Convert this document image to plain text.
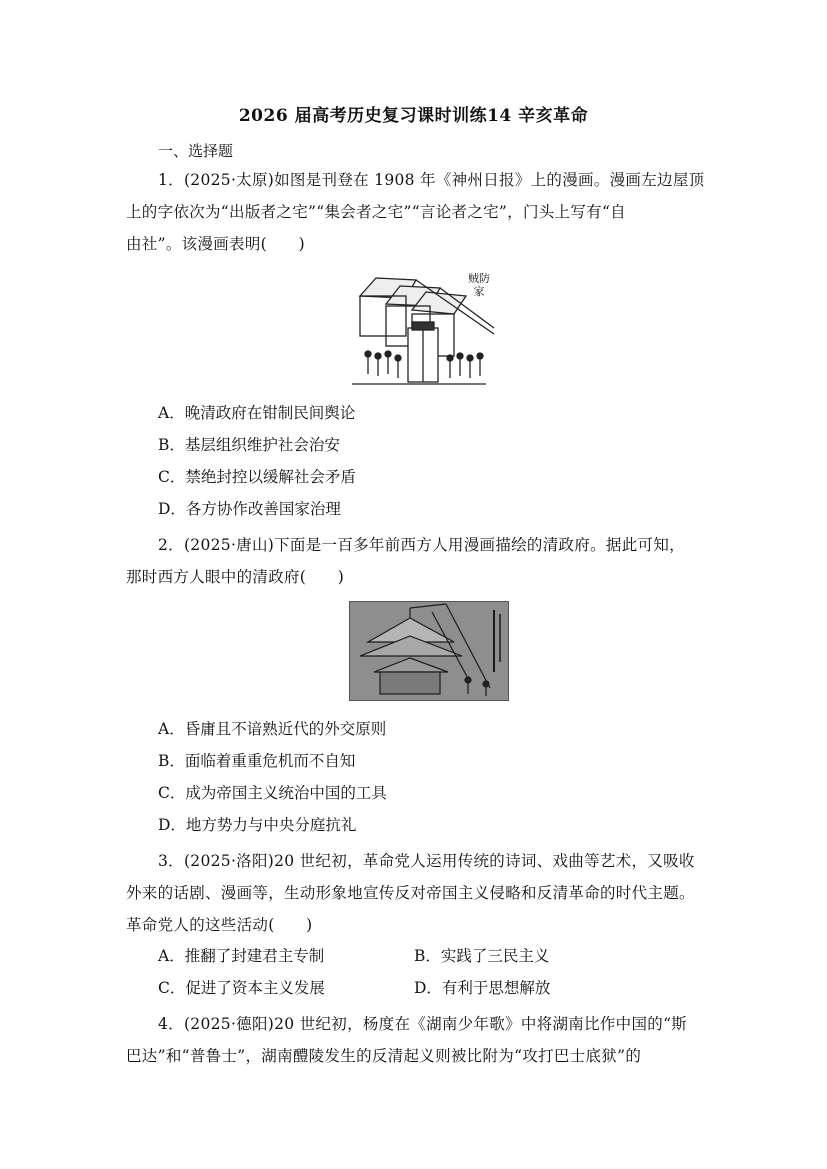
2026 届高考历史复习课时训练14 辛亥革命
一、选择题
1．(2025·太原)如图是刊登在 1908 年《神州日报》上的漫画。漫画左边屋顶
上的字依次为“出版者之宅”“集会者之宅”“言论者之宅”，门头上写有“自
由社”。该漫画表明(　　)
贼防家
A．晚清政府在钳制民间舆论
B．基层组织维护社会治安
C．禁绝封控以缓解社会矛盾
D．各方协作改善国家治理
2．(2025·唐山)下面是一百多年前西方人用漫画描绘的清政府。据此可知，
那时西方人眼中的清政府(　　)
A．昏庸且不谙熟近代的外交原则
B．面临着重重危机而不自知
C．成为帝国主义统治中国的工具
D．地方势力与中央分庭抗礼
3．(2025·洛阳)20 世纪初，革命党人运用传统的诗词、戏曲等艺术，又吸收
外来的话剧、漫画等，生动形象地宣传反对帝国主义侵略和反清革命的时代主题。
革命党人的这些活动(　　)
A．推翻了封建君主专制	B．实践了三民主义
C．促进了资本主义发展	D．有利于思想解放
4．(2025·德阳)20 世纪初，杨度在《湖南少年歌》中将湖南比作中国的“斯
巴达”和“普鲁士”，湖南醴陵发生的反清起义则被比附为“攻打巴士底狱”的
